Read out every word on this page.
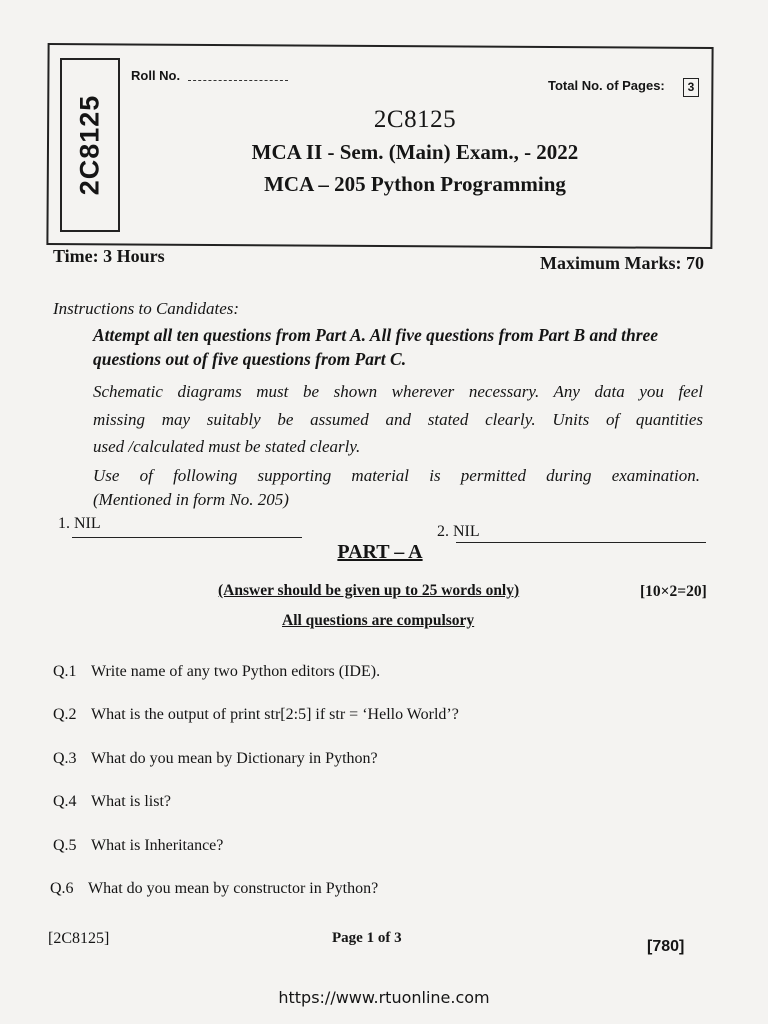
2C8125
Roll No.
Total No. of Pages:	3
2C8125
MCA II - Sem. (Main) Exam., - 2022
MCA – 205 Python Programming
Time: 3 Hours	Maximum Marks: 70
Instructions to Candidates:
Attempt all ten questions from Part A. All five questions from Part B and three
questions out of five questions from Part C.
Schematic diagrams must be shown wherever necessary. Any data you feel
missing may suitably be assumed and stated clearly. Units of quantities
used /calculated must be stated clearly.
Use of following supporting material is permitted during examination.
(Mentioned in form No. 205)
1. NIL	2. NIL
PART – A
(Answer should be given up to 25 words only)	[10×2=20]
All questions are compulsory
Q.1 Write name of any two Python editors (IDE).
Q.2 What is the output of print str[2:5] if str = ‘Hello World’?
Q.3 What do you mean by Dictionary in Python?
Q.4 What is list?
Q.5 What is Inheritance?
Q.6 What do you mean by constructor in Python?
[2C8125]	Page 1 of 3	[780]
https://www.rtuonline.com
